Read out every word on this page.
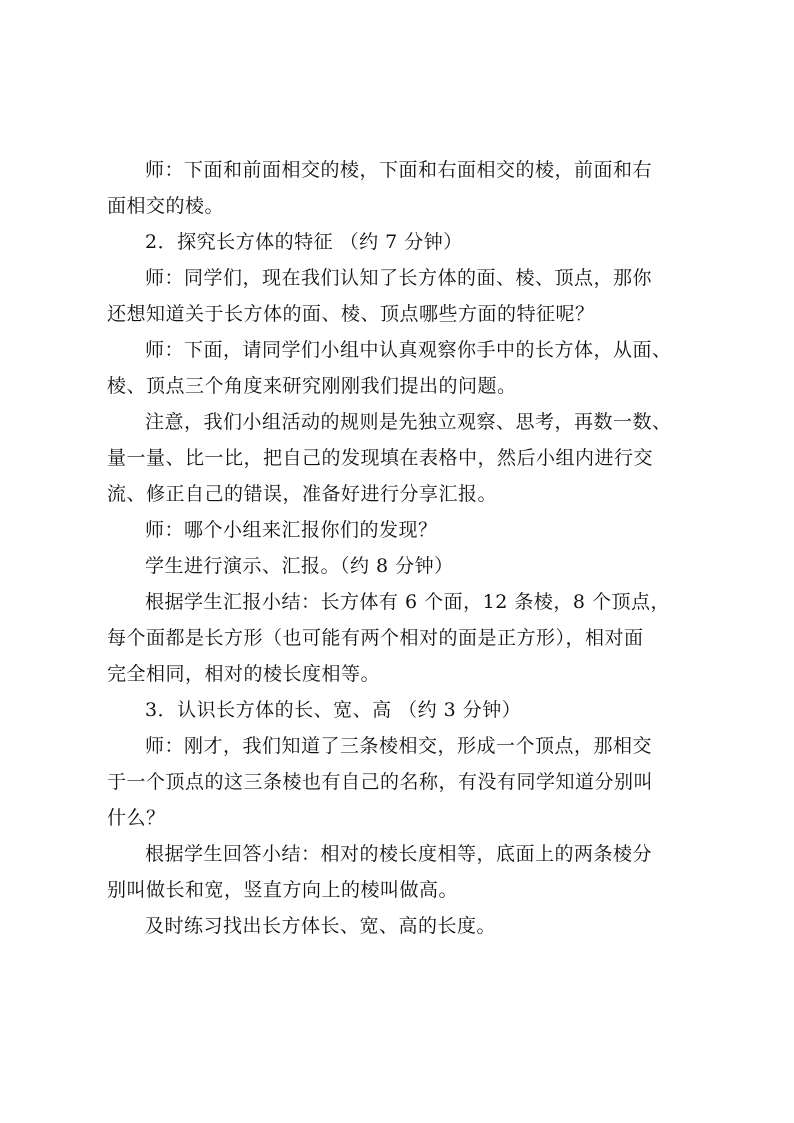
师：下面和前面相交的棱，下面和右面相交的棱，前面和右
面相交的棱。
2．探究长方体的特征 （约 7 分钟）
师：同学们，现在我们认知了长方体的面、棱、顶点，那你
还想知道关于长方体的面、棱、顶点哪些方面的特征呢？
师：下面，请同学们小组中认真观察你手中的长方体，从面、
棱、顶点三个角度来研究刚刚我们提出的问题。
注意，我们小组活动的规则是先独立观察、思考，再数一数、
量一量、比一比，把自己的发现填在表格中，然后小组内进行交
流、修正自己的错误，准备好进行分享汇报。
师：哪个小组来汇报你们的发现？
学生进行演示、汇报。（约 8 分钟）
根据学生汇报小结：长方体有 6 个面，12 条棱，8 个顶点，
每个面都是长方形（也可能有两个相对的面是正方形），相对面
完全相同，相对的棱长度相等。
3．认识长方体的长、宽、高 （约 3 分钟）
师：刚才，我们知道了三条棱相交，形成一个顶点，那相交
于一个顶点的这三条棱也有自己的名称，有没有同学知道分别叫
什么？
根据学生回答小结：相对的棱长度相等，底面上的两条棱分
别叫做长和宽，竖直方向上的棱叫做高。
及时练习找出长方体长、宽、高的长度。
